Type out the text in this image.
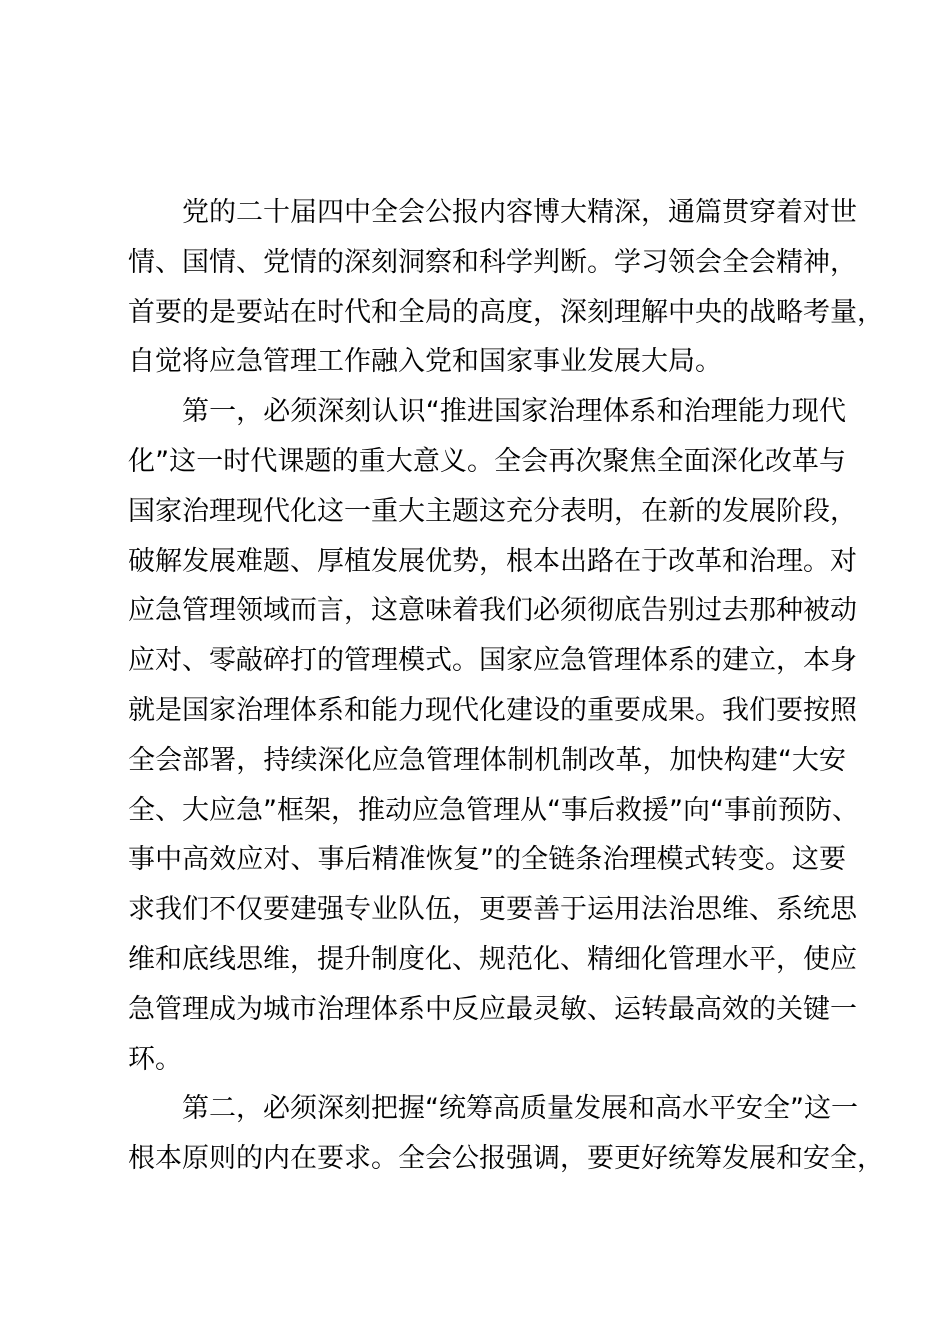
党的二十届四中全会公报内容博大精深，通篇贯穿着对世
情、国情、党情的深刻洞察和科学判断。学习领会全会精神，
首要的是要站在时代和全局的高度，深刻理解中央的战略考量，
自觉将应急管理工作融入党和国家事业发展大局。
第一，必须深刻认识“推进国家治理体系和治理能力现代
化”这一时代课题的重大意义。全会再次聚焦全面深化改革与
国家治理现代化这一重大主题这充分表明，在新的发展阶段，
破解发展难题、厚植发展优势，根本出路在于改革和治理。对
应急管理领域而言，这意味着我们必须彻底告别过去那种被动
应对、零敲碎打的管理模式。国家应急管理体系的建立，本身
就是国家治理体系和能力现代化建设的重要成果。我们要按照
全会部署，持续深化应急管理体制机制改革，加快构建“大安
全、大应急”框架，推动应急管理从“事后救援”向“事前预防、
事中高效应对、事后精准恢复”的全链条治理模式转变。这要
求我们不仅要建强专业队伍，更要善于运用法治思维、系统思
维和底线思维，提升制度化、规范化、精细化管理水平，使应
急管理成为城市治理体系中反应最灵敏、运转最高效的关键一
环。
第二，必须深刻把握“统筹高质量发展和高水平安全”这一
根本原则的内在要求。全会公报强调，要更好统筹发展和安全，
